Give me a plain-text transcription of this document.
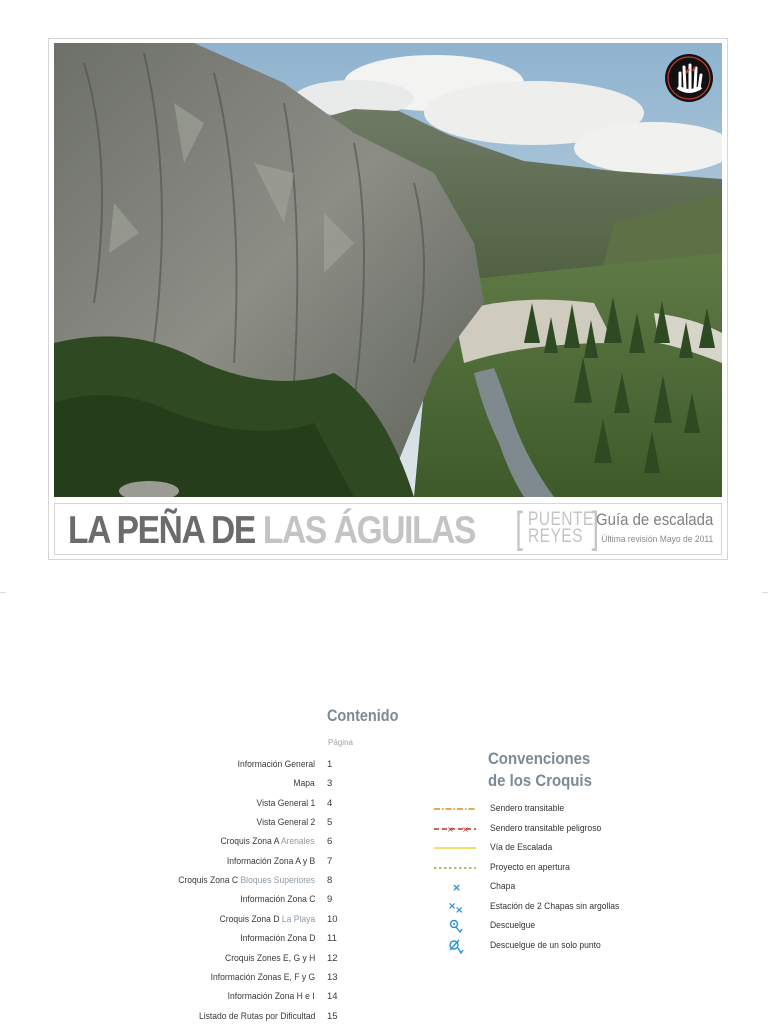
LA PEÑA DE LAS ÁGUILAS [ PUENTE
REYES ]
Guía de escalada
Última revisión Mayo de 2011
Contenido
Página
Información General 1
Mapa 3
Vista General 1 4
Vista General 2 5
Croquis Zona A Arenales 6
Información Zona A y B 7
Croquis Zona C Bloques Superiores 8
Información Zona C 9
Croquis Zona D La Playa 10
Información Zona D 11
Croquis Zones E, G y H 12
Información Zonas E, F y G 13
Información Zona H e I 14
Listado de Rutas por Dificultad 15
Convenciones
de los Croquis
Sendero transitable
× × Sendero transitable peligroso
Vía de Escalada
Proyecto en apertura
×	Chapa
×
×	Estación de 2 Chapas sin argollas
Descuelgue
Descuelgue de un solo punto
